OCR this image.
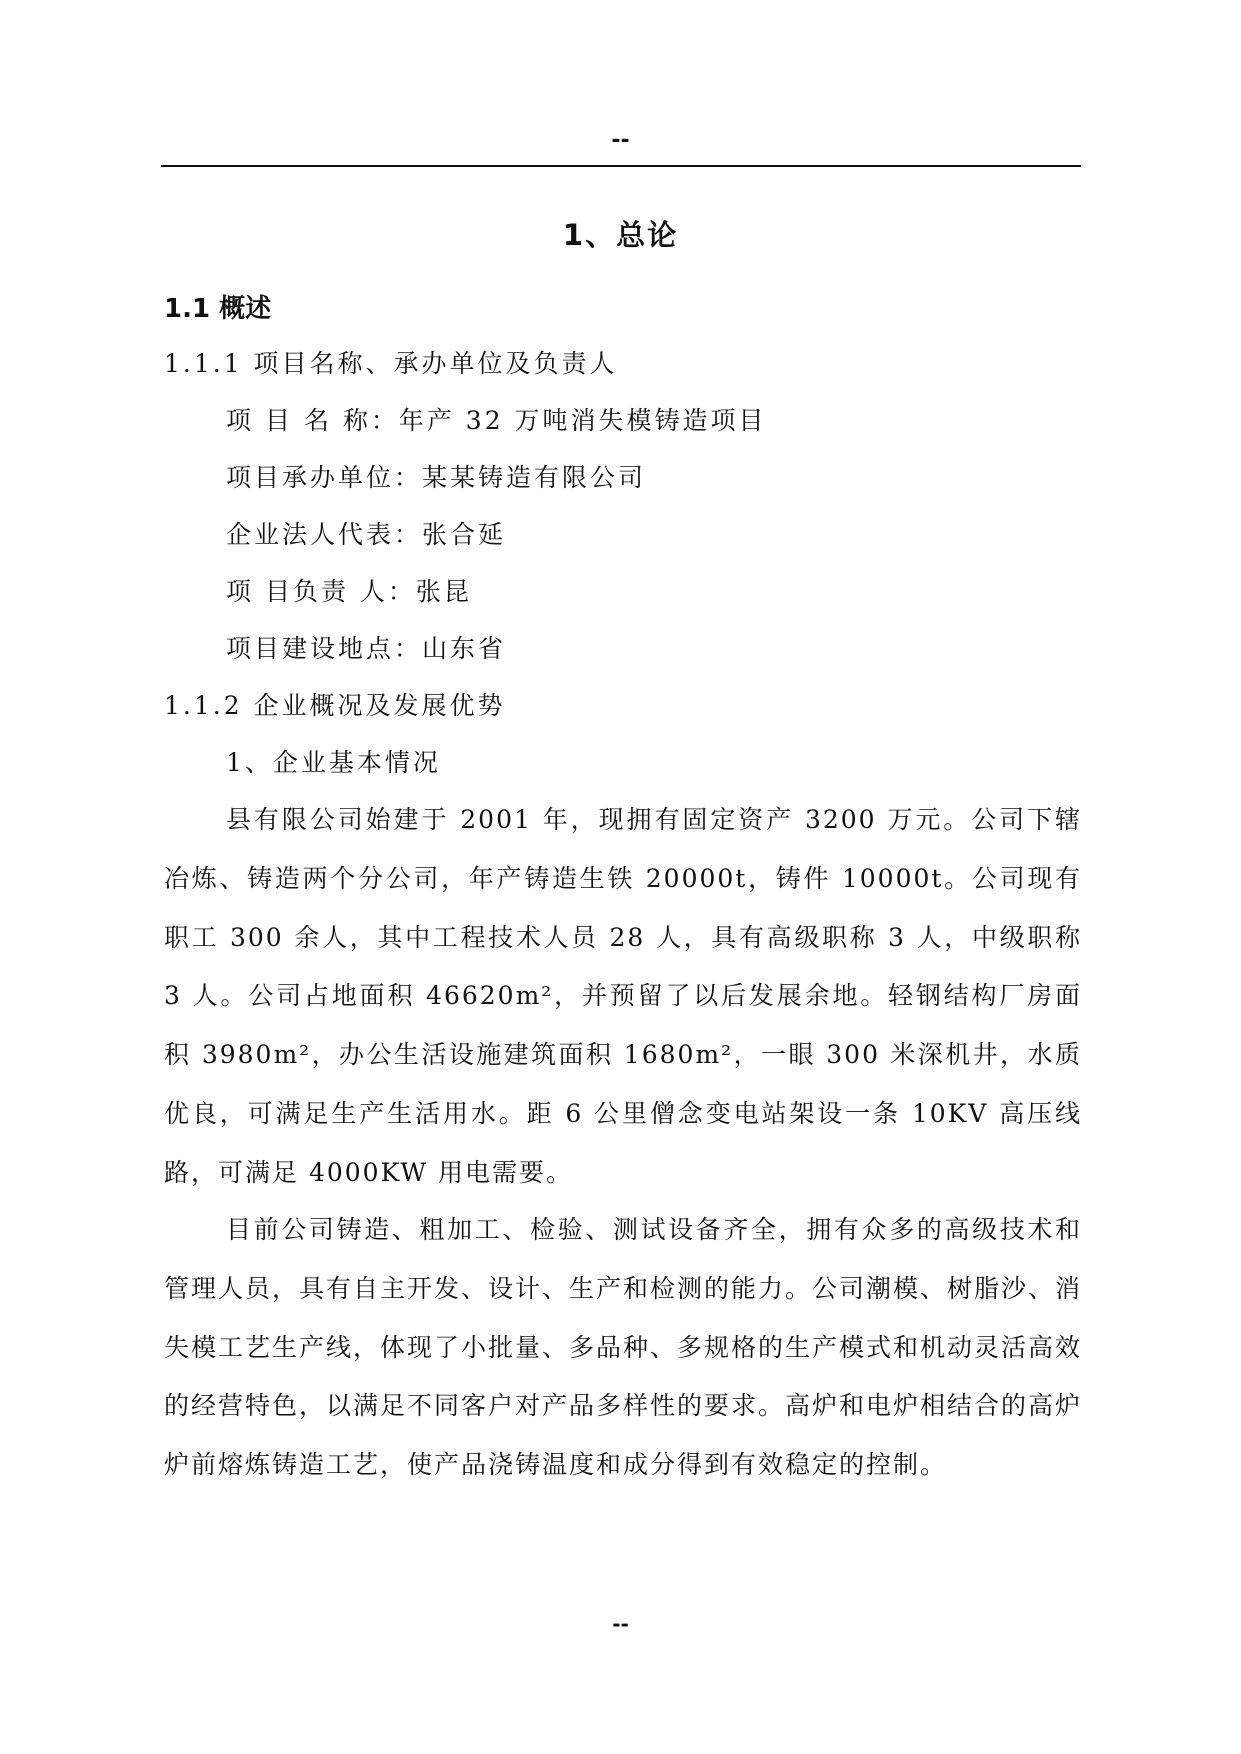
--
1、总论
1.1 概述
1.1.1 项目名称、承办单位及负责人
项 目 名 称：年产 32 万吨消失模铸造项目
项目承办单位：某某铸造有限公司
企业法人代表：张合延
项 目负责 人：张昆
项目建设地点：山东省
1.1.2 企业概况及发展优势
1、企业基本情况
县有限公司始建于 2001 年，现拥有固定资产 3200 万元。公司下辖冶炼、铸造两个分公司，年产铸造生铁 20000t，铸件 10000t。公司现有职工 300 余人，其中工程技术人员 28 人，具有高级职称 3 人，中级职称 3 人。公司占地面积 46620m²，并预留了以后发展余地。轻钢结构厂房面积 3980m²，办公生活设施建筑面积 1680m²，一眼 300 米深机井，水质优良，可满足生产生活用水。距 6 公里僧念变电站架设一条 10KV 高压线路，可满足 4000KW 用电需要。
目前公司铸造、粗加工、检验、测试设备齐全，拥有众多的高级技术和管理人员，具有自主开发、设计、生产和检测的能力。公司潮模、树脂沙、消失模工艺生产线，体现了小批量、多品种、多规格的生产模式和机动灵活高效的经营特色，以满足不同客户对产品多样性的要求。高炉和电炉相结合的高炉炉前熔炼铸造工艺，使产品浇铸温度和成分得到有效稳定的控制。
--
